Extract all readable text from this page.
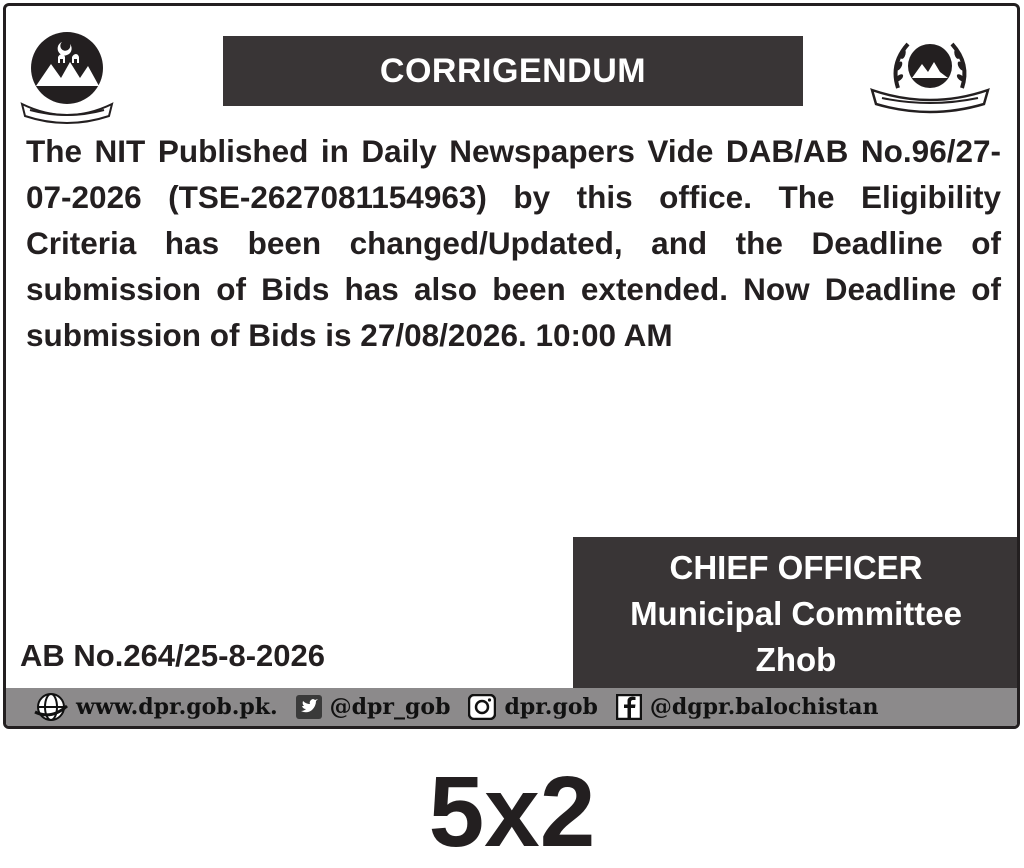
CORRIGENDUM
The NIT Published in Daily Newspapers Vide DAB/AB No.96/27-07-2026 (TSE-2627081154963) by this office. The Eligibility Criteria has been changed/Updated, and the Deadline of submission of Bids has also been extended. Now Deadline of submission of Bids is 27/08/2026. 10:00 AM
CHIEF OFFICER
Municipal Committee
Zhob
AB No.264/25-8-2026
www.dpr.gob.pk. @dpr_gob dpr.gob @dgpr.balochistan
5x2
